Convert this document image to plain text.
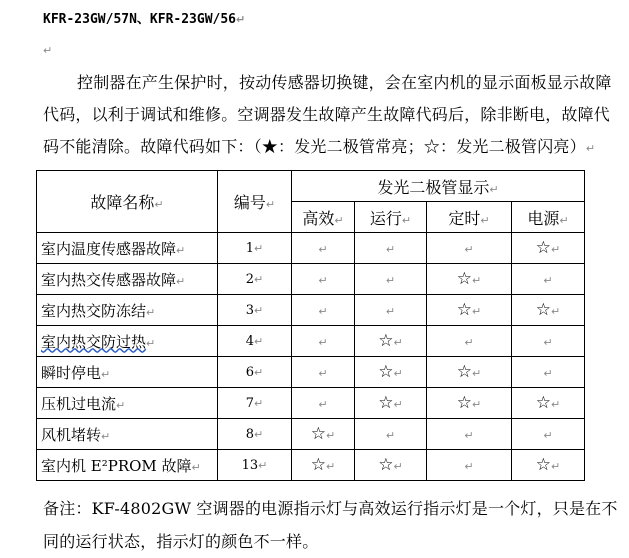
KFR-23GW/57N、KFR-23GW/56↵
↵
控制器在产生保护时，按动传感器切换键，会在室内机的显示面板显示故障代码，以利于调试和维修。空调器发生故障产生故障代码后，除非断电，故障代码不能清除。故障代码如下：（★：发光二极管常亮；☆：发光二极管闪亮）↵
故障名称↵	编号↵	发光二极管显示↵			
		高效↵	运行↵	定时↵	电源↵
室内温度传感器故障↵	1↵	↵	↵	↵	☆↵
室内热交传感器故障↵	2↵	↵	↵	☆↵	↵
室内热交防冻结↵	3↵	↵	↵	☆↵	☆↵
室内热交防过热↵	4↵	↵	☆↵	↵	↵
瞬时停电↵	6↵	↵	☆↵	☆↵	↵
压机过电流↵	7↵	↵	☆↵	☆↵	☆↵
风机堵转↵	8↵	☆↵	↵	↵	↵
室内机 E²PROM 故障↵	13↵	☆↵	☆↵	↵	☆↵
备注：KF-4802GW 空调器的电源指示灯与高效运行指示灯是一个灯，只是在不同的运行状态，指示灯的颜色不一样。
